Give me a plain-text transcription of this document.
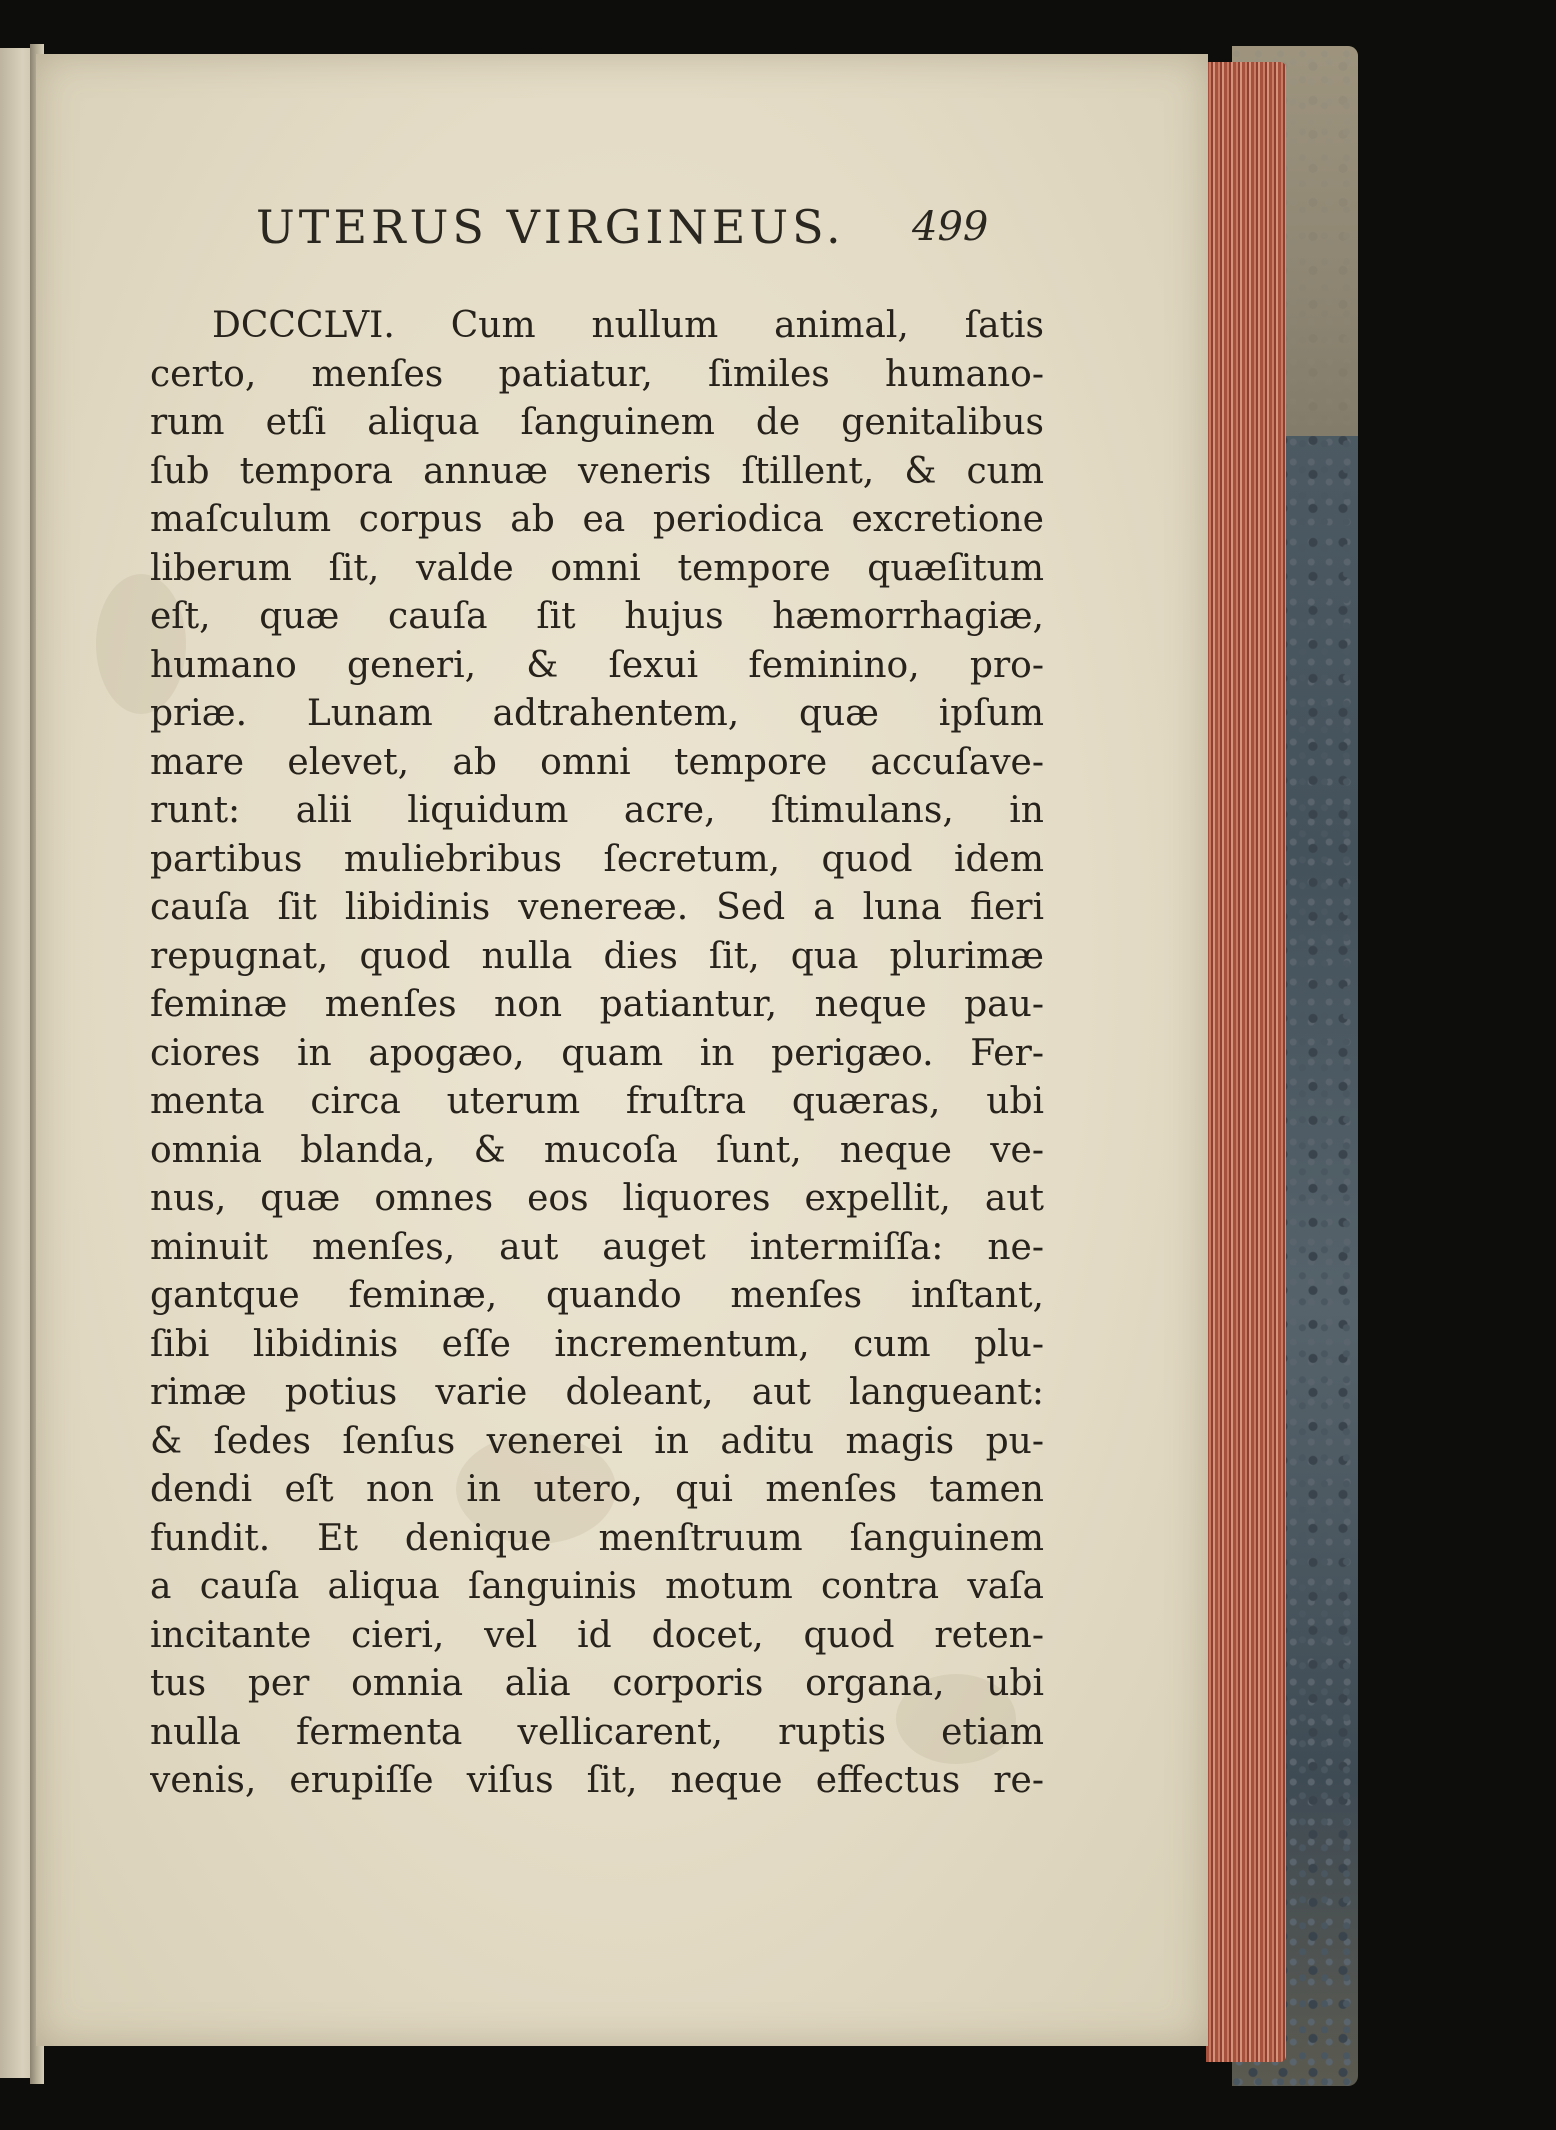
UTERUS VIRGINEUS. 499
DCCCLVI. Cum nullum animal, ſatis
certo, menſes patiatur, ſimiles humano-
rum etſi aliqua ſanguinem de genitalibus
ſub tempora annuæ veneris ſtillent, & cum
maſculum corpus ab ea periodica excretione
liberum ſit, valde omni tempore quæſitum
eſt, quæ cauſa ſit hujus hæmorrhagiæ,
humano generi, & ſexui feminino, pro-
priæ. Lunam adtrahentem, quæ ipſum
mare elevet, ab omni tempore accuſave-
runt: alii liquidum acre, ſtimulans, in
partibus muliebribus ſecretum, quod idem
cauſa ſit libidinis venereæ. Sed a luna fieri
repugnat, quod nulla dies ſit, qua plurimæ
feminæ menſes non patiantur, neque pau-
ciores in apogæo, quam in perigæo. Fer-
menta circa uterum fruſtra quæras, ubi
omnia blanda, & mucoſa ſunt, neque ve-
nus, quæ omnes eos liquores expellit, aut
minuit menſes, aut auget intermiſſa: ne-
gantque feminæ, quando menſes inſtant,
ſibi libidinis eſſe incrementum, cum plu-
rimæ potius varie doleant, aut langueant:
& ſedes ſenſus venerei in aditu magis pu-
dendi eſt non in utero, qui menſes tamen
fundit. Et denique menſtruum ſanguinem
a cauſa aliqua ſanguinis motum contra vaſa
incitante cieri, vel id docet, quod reten-
tus per omnia alia corporis organa, ubi
nulla fermenta vellicarent, ruptis etiam
venis, erupiſſe viſus ſit, neque effectus re-
